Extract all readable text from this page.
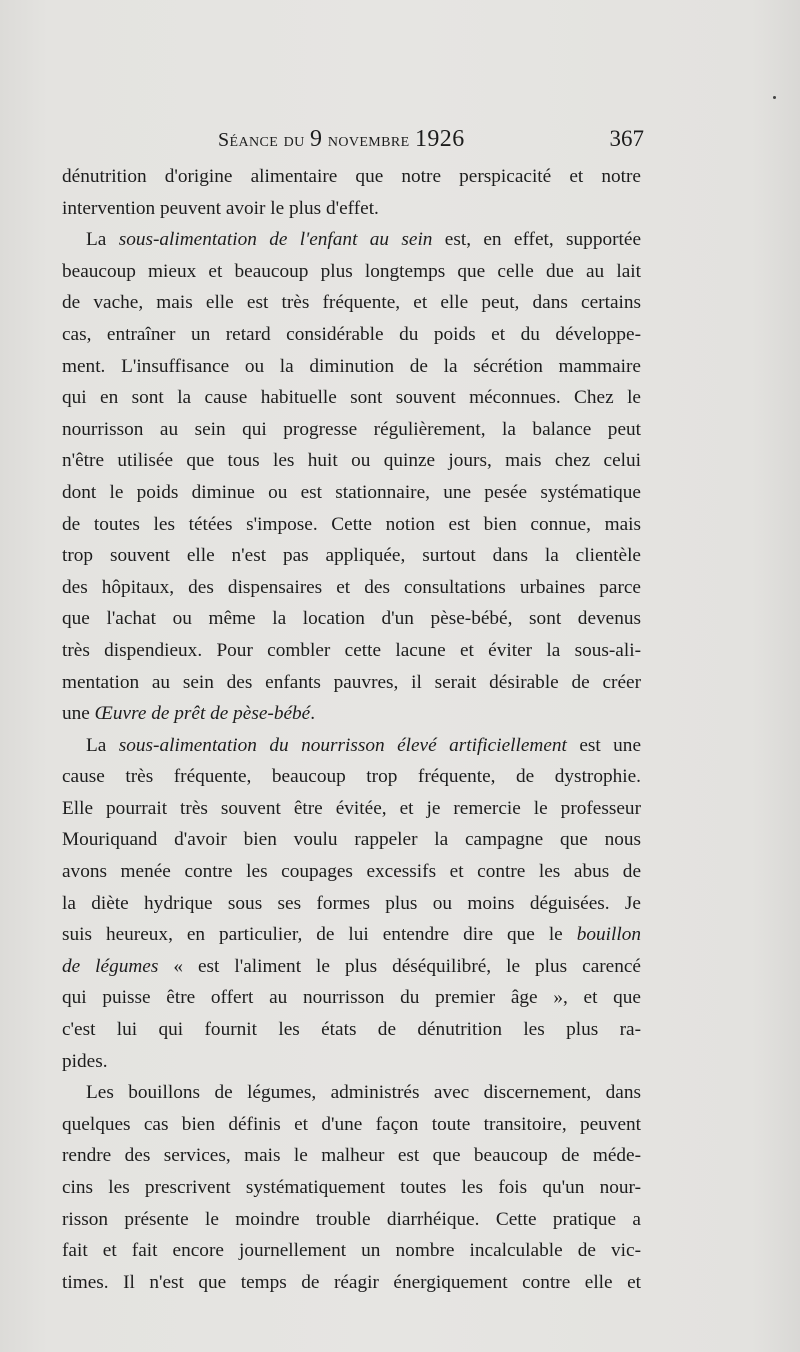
Séance du 9 novembre 1926	367
dénutrition d'origine alimentaire que notre perspicacité et notre
intervention peuvent avoir le plus d'effet.
La sous-alimentation de l'enfant au sein est, en effet, supportée
beaucoup mieux et beaucoup plus longtemps que celle due au lait
de vache, mais elle est très fréquente, et elle peut, dans certains
cas, entraîner un retard considérable du poids et du développe-
ment. L'insuffisance ou la diminution de la sécrétion mammaire
qui en sont la cause habituelle sont souvent méconnues. Chez le
nourrisson au sein qui progresse régulièrement, la balance peut
n'être utilisée que tous les huit ou quinze jours, mais chez celui
dont le poids diminue ou est stationnaire, une pesée systématique
de toutes les tétées s'impose. Cette notion est bien connue, mais
trop souvent elle n'est pas appliquée, surtout dans la clientèle
des hôpitaux, des dispensaires et des consultations urbaines parce
que l'achat ou même la location d'un pèse-bébé, sont devenus
très dispendieux. Pour combler cette lacune et éviter la sous-ali-
mentation au sein des enfants pauvres, il serait désirable de créer
une Œuvre de prêt de pèse-bébé.
La sous-alimentation du nourrisson élevé artificiellement est une
cause très fréquente, beaucoup trop fréquente, de dystrophie.
Elle pourrait très souvent être évitée, et je remercie le professeur
Mouriquand d'avoir bien voulu rappeler la campagne que nous
avons menée contre les coupages excessifs et contre les abus de
la diète hydrique sous ses formes plus ou moins déguisées. Je
suis heureux, en particulier, de lui entendre dire que le bouillon
de légumes « est l'aliment le plus déséquilibré, le plus carencé
qui puisse être offert au nourrisson du premier âge », et que
c'est lui qui fournit les états de dénutrition les plus ra-
pides.
Les bouillons de légumes, administrés avec discernement, dans
quelques cas bien définis et d'une façon toute transitoire, peuvent
rendre des services, mais le malheur est que beaucoup de méde-
cins les prescrivent systématiquement toutes les fois qu'un nour-
risson présente le moindre trouble diarrhéique. Cette pratique a
fait et fait encore journellement un nombre incalculable de vic-
times. Il n'est que temps de réagir énergiquement contre elle et
